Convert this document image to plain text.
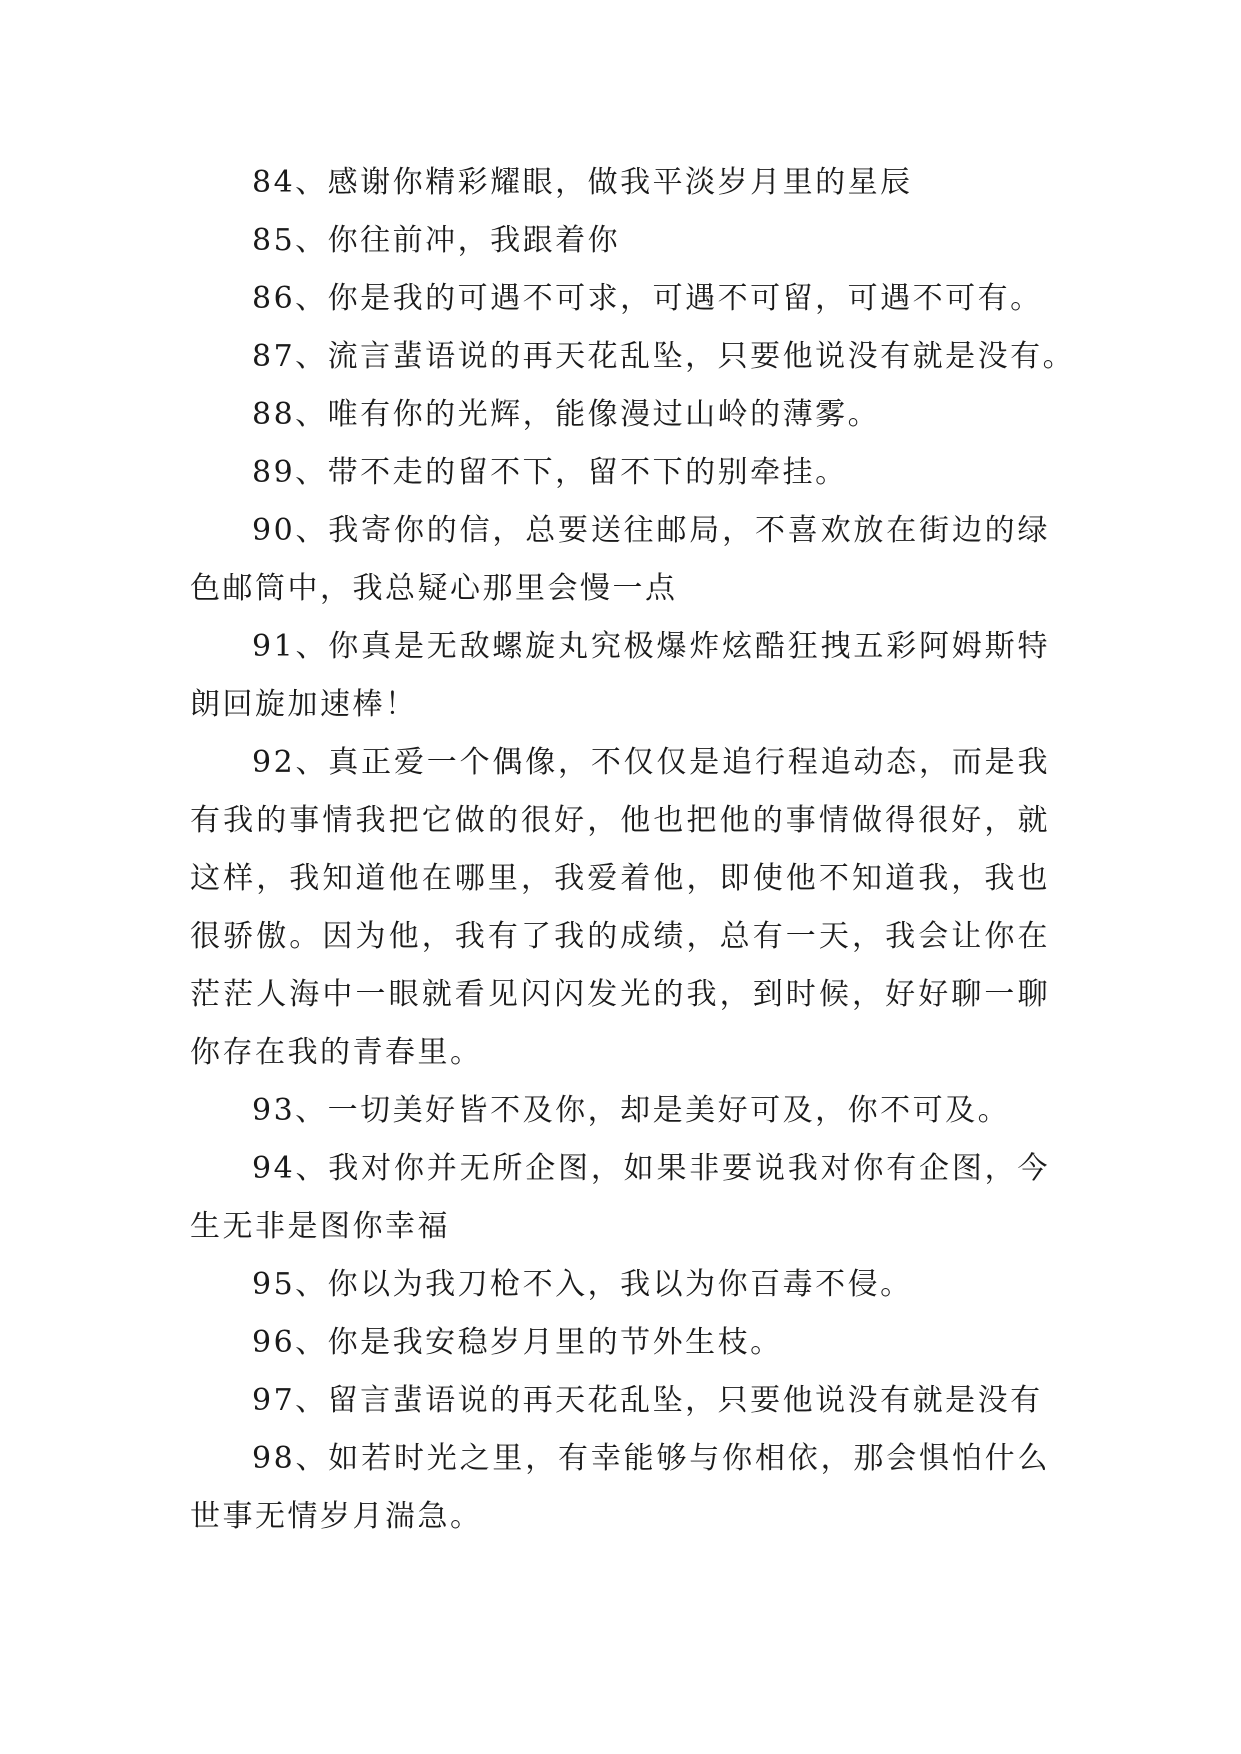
84、感谢你精彩耀眼，做我平淡岁月里的星辰

85、你往前冲，我跟着你

86、你是我的可遇不可求，可遇不可留，可遇不可有。

87、流言蜚语说的再天花乱坠，只要他说没有就是没有。

88、唯有你的光辉，能像漫过山岭的薄雾。

89、带不走的留不下，留不下的别牵挂。

90、我寄你的信，总要送往邮局，不喜欢放在街边的绿色邮筒中，我总疑心那里会慢一点

91、你真是无敌螺旋丸究极爆炸炫酷狂拽五彩阿姆斯特朗回旋加速棒！

92、真正爱一个偶像，不仅仅是追行程追动态，而是我有我的事情我把它做的很好，他也把他的事情做得很好，就这样，我知道他在哪里，我爱着他，即使他不知道我，我也很骄傲。因为他，我有了我的成绩，总有一天，我会让你在茫茫人海中一眼就看见闪闪发光的我，到时候，好好聊一聊你存在我的青春里。

93、一切美好皆不及你，却是美好可及，你不可及。

94、我对你并无所企图，如果非要说我对你有企图，今生无非是图你幸福

95、你以为我刀枪不入，我以为你百毒不侵。

96、你是我安稳岁月里的节外生枝。

97、留言蜚语说的再天花乱坠，只要他说没有就是没有

98、如若时光之里，有幸能够与你相依，那会惧怕什么世事无情岁月湍急。
